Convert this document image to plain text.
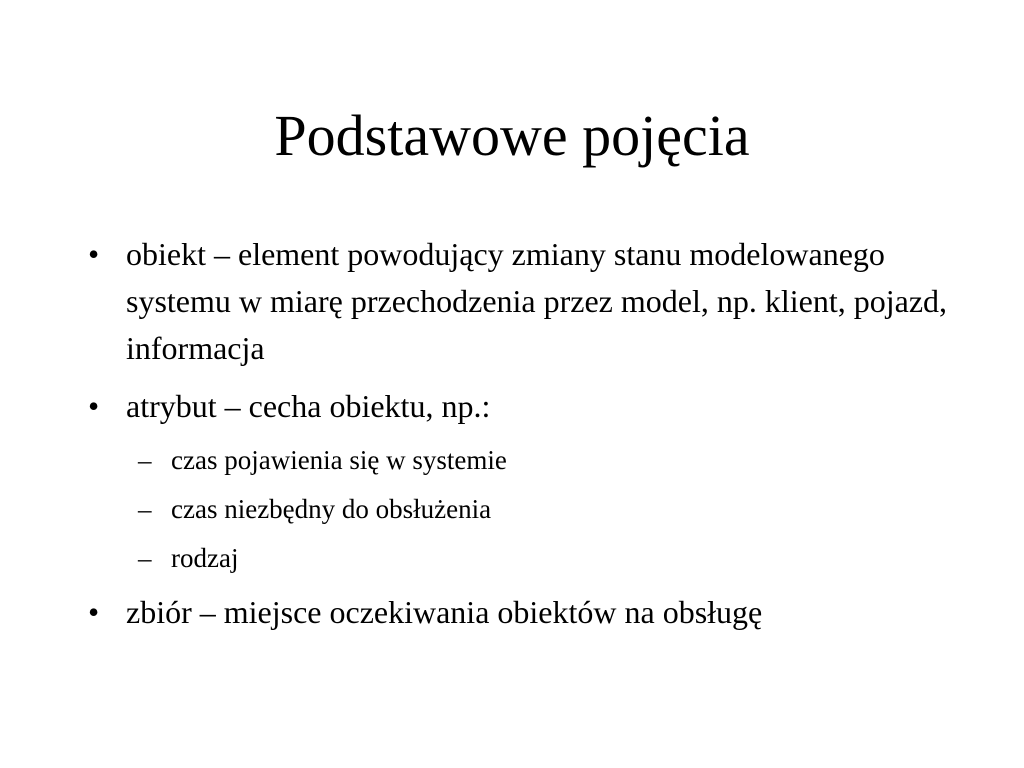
Podstawowe pojęcia
• obiekt – element powodujący zmiany stanu modelowanego systemu w miarę przechodzenia przez model, np. klient, pojazd, informacja
• atrybut – cecha obiektu, np.:
– czas pojawienia się w systemie
– czas niezbędny do obsłużenia
– rodzaj
• zbiór – miejsce oczekiwania obiektów na obsługę
